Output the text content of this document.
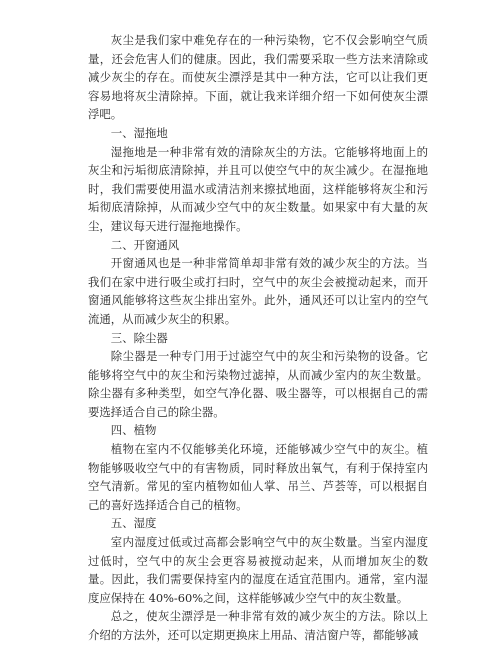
灰尘是我们家中难免存在的一种污染物，它不仅会影响空气质量，还会危害人们的健康。因此，我们需要采取一些方法来清除或减少灰尘的存在。而使灰尘漂浮是其中一种方法，它可以让我们更容易地将灰尘清除掉。下面，就让我来详细介绍一下如何使灰尘漂浮吧。

一、湿拖地

湿拖地是一种非常有效的清除灰尘的方法。它能够将地面上的灰尘和污垢彻底清除掉，并且可以使空气中的灰尘减少。在湿拖地时，我们需要使用温水或清洁剂来擦拭地面，这样能够将灰尘和污垢彻底清除掉，从而减少空气中的灰尘数量。如果家中有大量的灰尘，建议每天进行湿拖地操作。

二、开窗通风

开窗通风也是一种非常简单却非常有效的减少灰尘的方法。当我们在家中进行吸尘或打扫时，空气中的灰尘会被搅动起来，而开窗通风能够将这些灰尘排出室外。此外，通风还可以让室内的空气流通，从而减少灰尘的积累。

三、除尘器

除尘器是一种专门用于过滤空气中的灰尘和污染物的设备。它能够将空气中的灰尘和污染物过滤掉，从而减少室内的灰尘数量。除尘器有多种类型，如空气净化器、吸尘器等，可以根据自己的需要选择适合自己的除尘器。

四、植物

植物在室内不仅能够美化环境，还能够减少空气中的灰尘。植物能够吸收空气中的有害物质，同时释放出氧气，有利于保持室内空气清新。常见的室内植物如仙人掌、吊兰、芦荟等，可以根据自己的喜好选择适合自己的植物。

五、湿度

室内湿度过低或过高都会影响空气中的灰尘数量。当室内湿度过低时，空气中的灰尘会更容易被搅动起来，从而增加灰尘的数量。因此，我们需要保持室内的湿度在适宜范围内。通常，室内湿度应保持在 40%-60%之间，这样能够减少空气中的灰尘数量。

总之，使灰尘漂浮是一种非常有效的减少灰尘的方法。除以上介绍的方法外，还可以定期更换床上用品、清洁窗户等，都能够减
